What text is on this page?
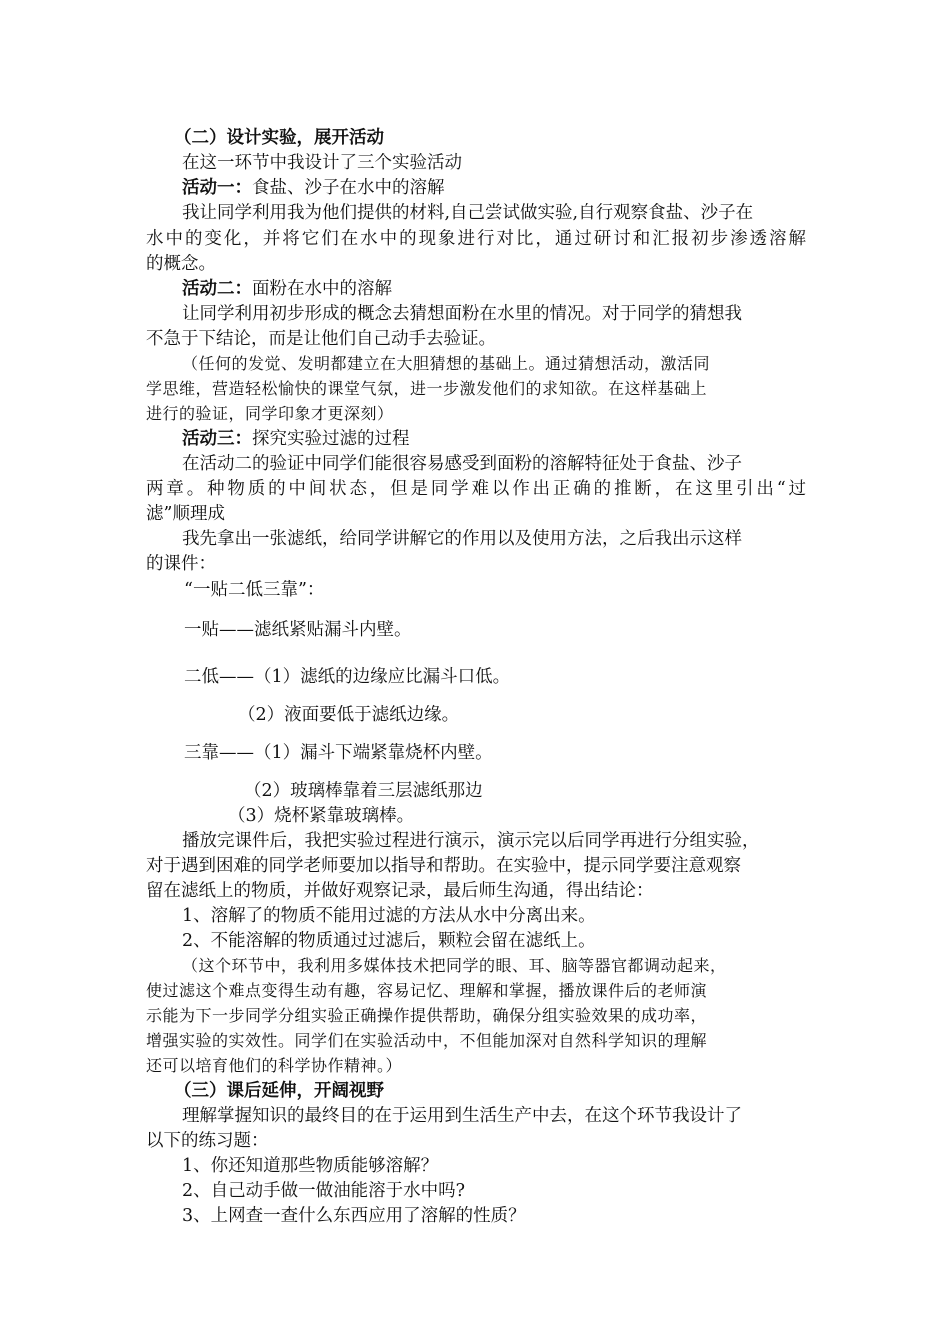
（二）设计实验，展开活动
在这一环节中我设计了三个实验活动
活动一：食盐、沙子在水中的溶解
我让同学利用我为他们提供的材料,自己尝试做实验,自行观察食盐、沙子在
水中的变化，并将它们在水中的现象进行对比，通过研讨和汇报初步渗透溶解
的概念。
活动二：面粉在水中的溶解
让同学利用初步形成的概念去猜想面粉在水里的情况。对于同学的猜想我
不急于下结论，而是让他们自己动手去验证。
（任何的发觉、发明都建立在大胆猜想的基础上。通过猜想活动，激活同
学思维，营造轻松愉快的课堂气氛，进一步激发他们的求知欲。在这样基础上
进行的验证，同学印象才更深刻）
活动三：探究实验过滤的过程
在活动二的验证中同学们能很容易感受到面粉的溶解特征处于食盐、沙子
两章。种物质的中间状态，但是同学难以作出正确的推断，在这里引出“过
滤”顺理成
我先拿出一张滤纸，给同学讲解它的作用以及使用方法，之后我出示这样
的课件：
“一贴二低三靠”：
一贴——滤纸紧贴漏斗内壁。
二低——（1）滤纸的边缘应比漏斗口低。
（2）液面要低于滤纸边缘。
三靠——（1）漏斗下端紧靠烧杯内壁。
（2）玻璃棒靠着三层滤纸那边
（3）烧杯紧靠玻璃棒。
播放完课件后，我把实验过程进行演示，演示完以后同学再进行分组实验，
对于遇到困难的同学老师要加以指导和帮助。在实验中，提示同学要注意观察
留在滤纸上的物质，并做好观察记录，最后师生沟通，得出结论：
1、溶解了的物质不能用过滤的方法从水中分离出来。
2、不能溶解的物质通过过滤后，颗粒会留在滤纸上。
（这个环节中，我利用多媒体技术把同学的眼、耳、脑等器官都调动起来，
使过滤这个难点变得生动有趣，容易记忆、理解和掌握，播放课件后的老师演
示能为下一步同学分组实验正确操作提供帮助，确保分组实验效果的成功率，
增强实验的实效性。同学们在实验活动中，不但能加深对自然科学知识的理解
还可以培育他们的科学协作精神。）
（三）课后延伸，开阔视野
理解掌握知识的最终目的在于运用到生活生产中去，在这个环节我设计了
以下的练习题：
1、你还知道那些物质能够溶解？
2、自己动手做一做油能溶于水中吗?
3、上网查一查什么东西应用了溶解的性质？
